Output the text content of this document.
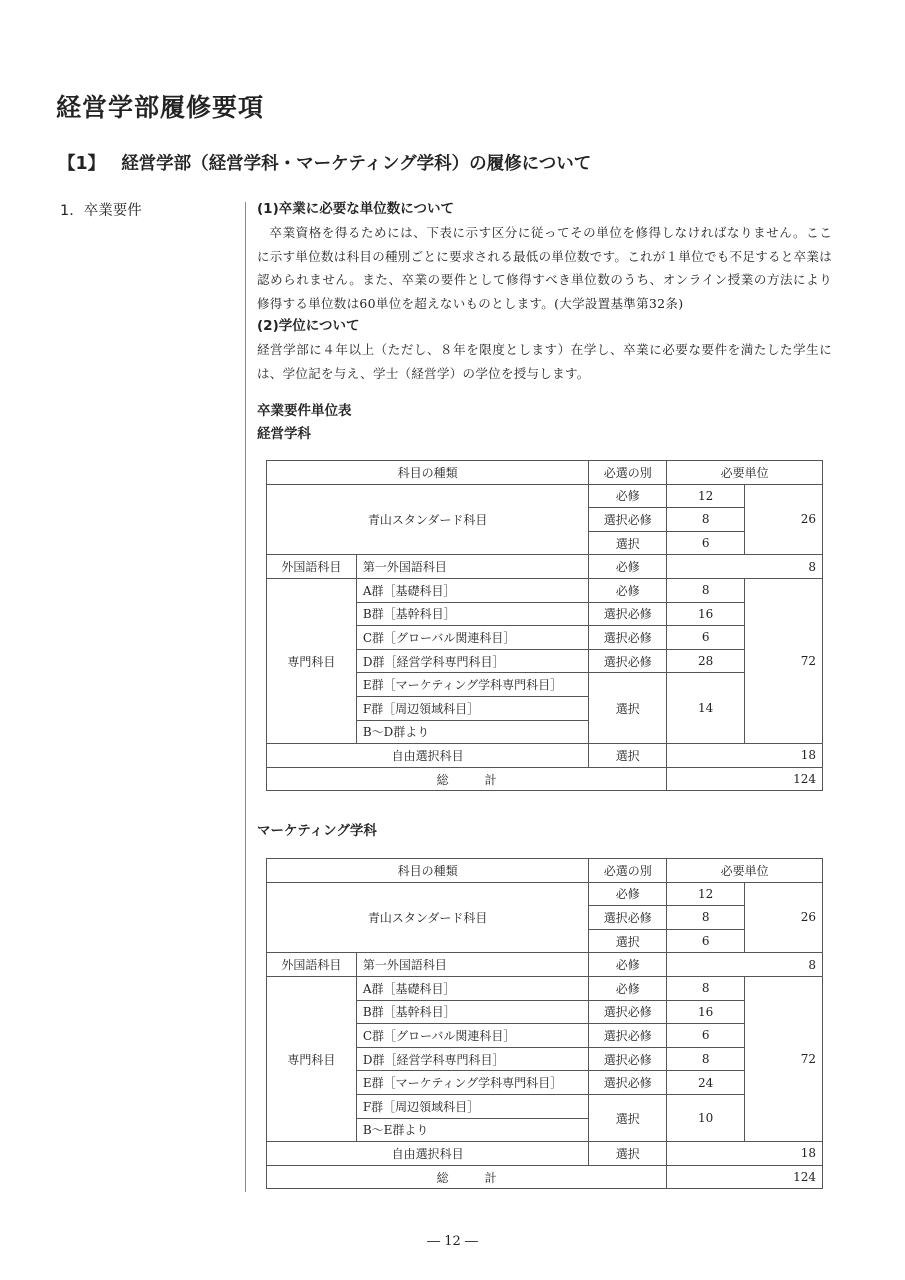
経営学部履修要項
【1】 経営学部（経営学科・マーケティング学科）の履修について
1．卒業要件	(1)卒業に必要な単位数について

卒業資格を得るためには、下表に示す区分に従ってその単位を修得しなければなりません。ここに示す単位数は科目の種別ごとに要求される最低の単位数です。これが１単位でも不足すると卒業は認められません。また、卒業の要件として修得すべき単位数のうち、オンライン授業の方法により修得する単位数は60単位を超えないものとします。(大学設置基準第32条)

(2)学位について

経営学部に４年以上（ただし、８年を限度とします）在学し、卒業に必要な要件を満たした学生には、学位記を与え、学士（経営学）の学位を授与します。

卒業要件単位表

経営学科

科目の種類		必選の別	必要単位	
青山スタンダード科目		必修	12	26
		選択必修	8	
		選択	6	
外国語科目	第一外国語科目	必修	8	
専門科目	A群［基礎科目］	必修	8	72
	B群［基幹科目］	選択必修	16	
	C群［グローバル関連科目］	選択必修	6	
	D群［経営学科専門科目］	選択必修	28	
	E群［マーケティング学科専門科目］	選択	14	
	F群［周辺領域科目］			
	B～D群より			
自由選択科目		選択	18	
総　　　計			124	

マーケティング学科

科目の種類		必選の別	必要単位	
青山スタンダード科目		必修	12	26
		選択必修	8	
		選択	6	
外国語科目	第一外国語科目	必修	8	
専門科目	A群［基礎科目］	必修	8	72
	B群［基幹科目］	選択必修	16	
	C群［グローバル関連科目］	選択必修	6	
	D群［経営学科専門科目］	選択必修	8	
	E群［マーケティング学科専門科目］	選択必修	24	
	F群［周辺領域科目］	選択	10	
	B～E群より			
自由選択科目		選択	18	
総　　　計			124	
― 12 ―
